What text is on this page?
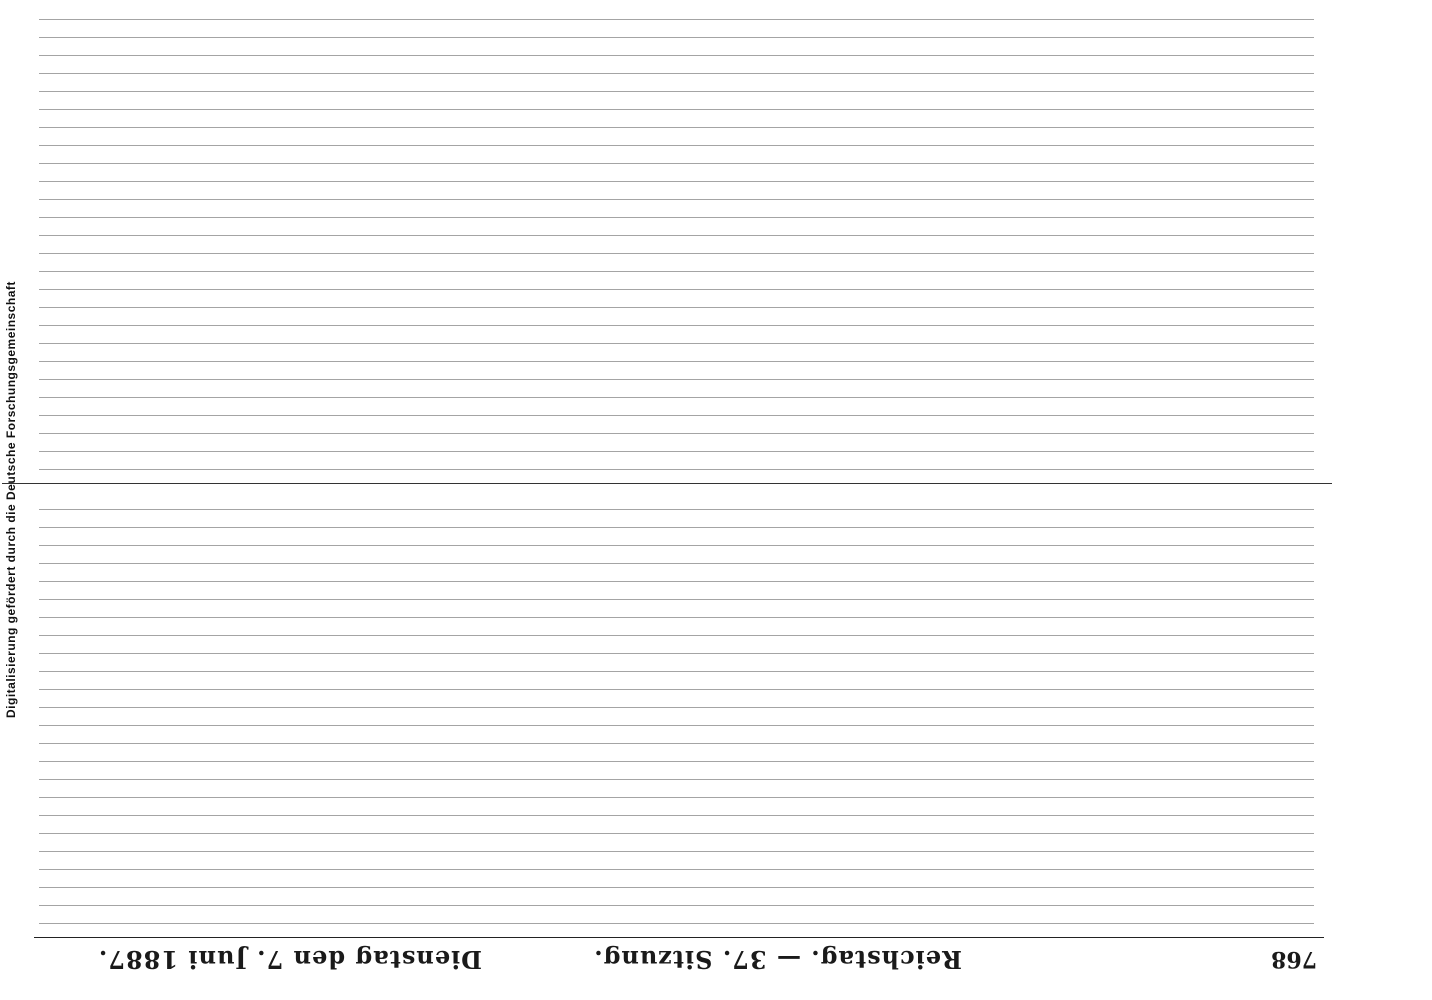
768
Reichstag. — 37. Sitzung.
Dienstag den 7. Juni 1887.
Digitalisierung gefördert durch die Deutsche Forschungsgemeinschaft
